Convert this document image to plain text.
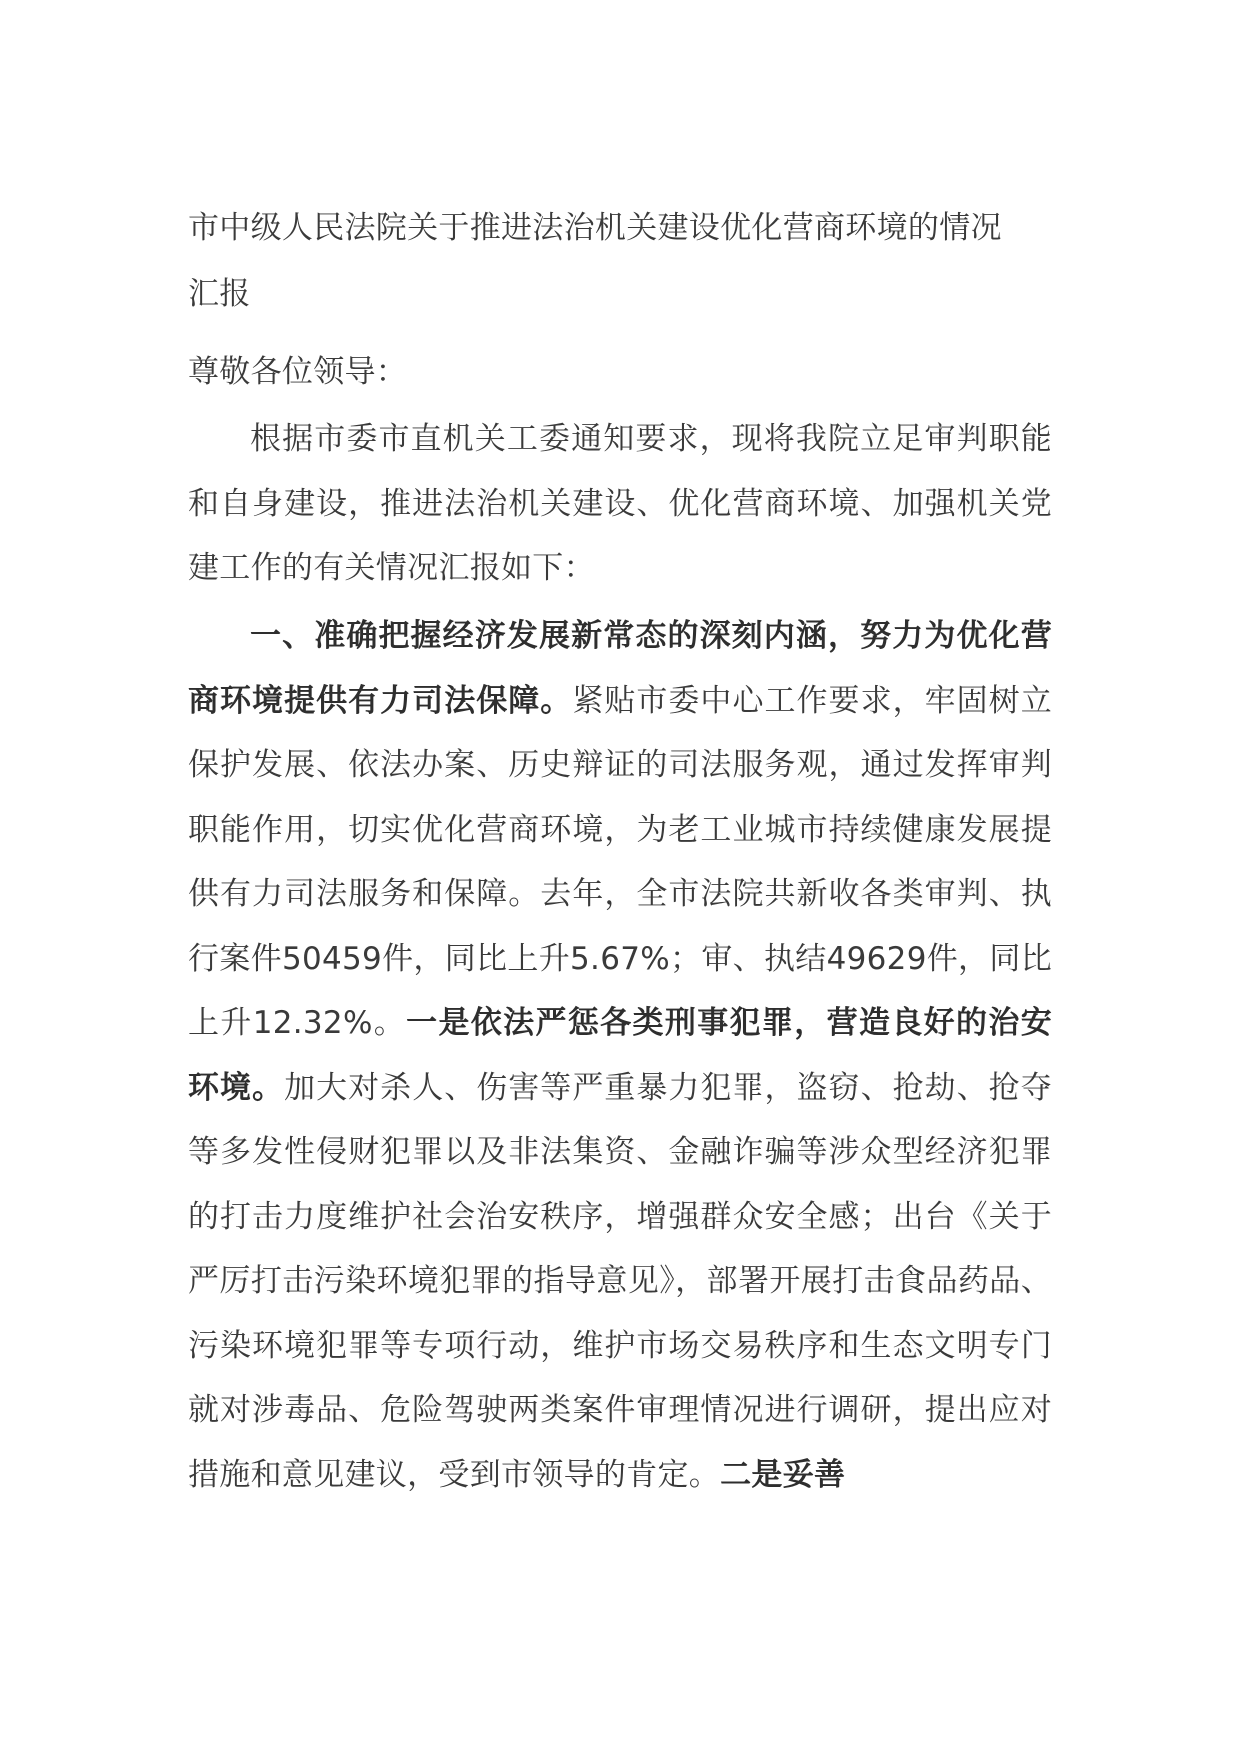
市中级人民法院关于推进法治机关建设优化营商环境的情况汇报
尊敬各位领导：
根据市委市直机关工委通知要求，现将我院立足审判职能和自身建设，推进法治机关建设、优化营商环境、加强机关党建工作的有关情况汇报如下：
一、准确把握经济发展新常态的深刻内涵，努力为优化营商环境提供有力司法保障。紧贴市委中心工作要求，牢固树立保护发展、依法办案、历史辩证的司法服务观，通过发挥审判职能作用，切实优化营商环境，为老工业城市持续健康发展提供有力司法服务和保障。去年，全市法院共新收各类审判、执行案件50459件，同比上升5.67%；审、执结49629件，同比上升12.32%。一是依法严惩各类刑事犯罪，营造良好的治安环境。加大对杀人、伤害等严重暴力犯罪，盗窃、抢劫、抢夺等多发性侵财犯罪以及非法集资、金融诈骗等涉众型经济犯罪的打击力度维护社会治安秩序，增强群众安全感；出台《关于严厉打击污染环境犯罪的指导意见》，部署开展打击食品药品、污染环境犯罪等专项行动，维护市场交易秩序和生态文明专门就对涉毒品、危险驾驶两类案件审理情况进行调研，提出应对措施和意见建议，受到市领导的肯定。二是妥善
